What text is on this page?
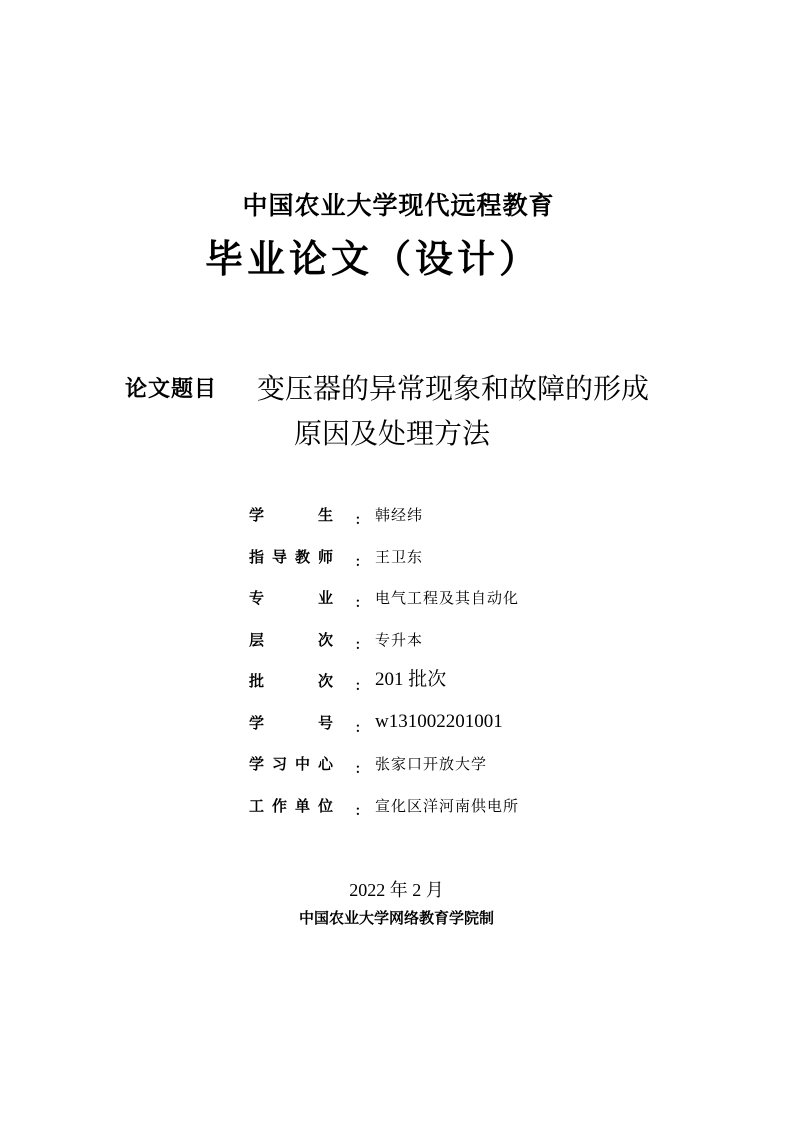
中国农业大学现代远程教育
毕业论文（设计）
论文题目 变压器的异常现象和故障的形成
原因及处理方法
学	生 : 韩经纬
指 导 教 师 : 王卫东
专	业 : 电气工程及其自动化
层	次 : 专升本
批	次 : 201 批次
学	号 : w131002201001
学 习 中 心 : 张家口开放大学
工 作 单 位 : 宣化区洋河南供电所
2022 年 2 月
中国农业大学网络教育学院制
